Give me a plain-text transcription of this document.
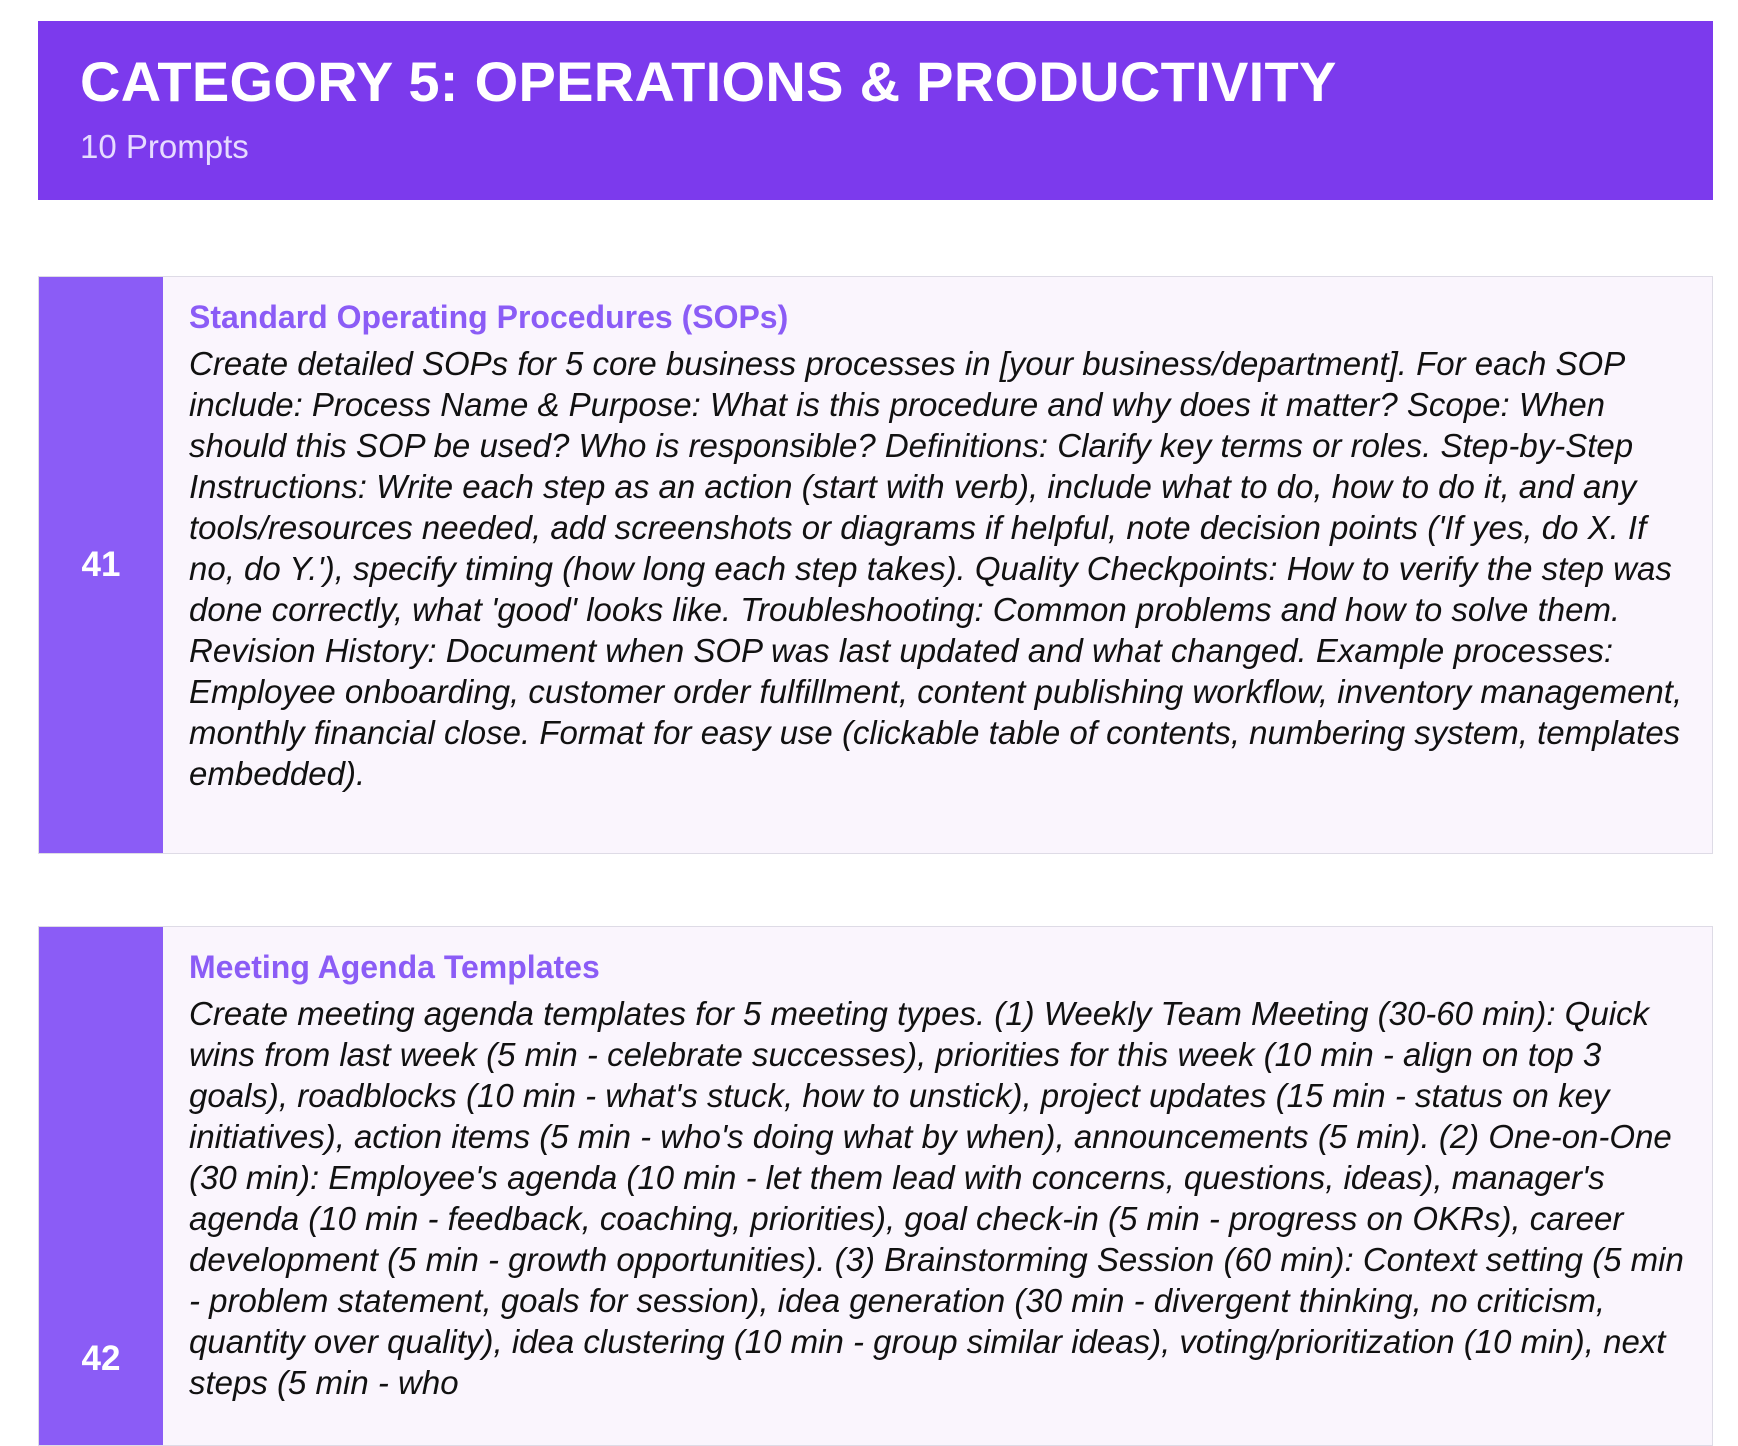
CATEGORY 5: OPERATIONS & PRODUCTIVITY
10 Prompts
41
Standard Operating Procedures (SOPs)

Create detailed SOPs for 5 core business processes in [your business/department]. For each SOP include: Process Name & Purpose: What is this procedure and why does it matter? Scope: When should this SOP be used? Who is responsible? Definitions: Clarify key terms or roles. Step-by-Step Instructions: Write each step as an action (start with verb), include what to do, how to do it, and any tools/resources needed, add screenshots or diagrams if helpful, note decision points ('If yes, do X. If no, do Y.'), specify timing (how long each step takes). Quality Checkpoints: How to verify the step was done correctly, what 'good' looks like. Troubleshooting: Common problems and how to solve them. Revision History: Document when SOP was last updated and what changed. Example processes: Employee onboarding, customer order fulfillment, content publishing workflow, inventory management, monthly financial close. Format for easy use (clickable table of contents, numbering system, templates embedded).

42
Meeting Agenda Templates

Create meeting agenda templates for 5 meeting types. (1) Weekly Team Meeting (30-60 min): Quick wins from last week (5 min - celebrate successes), priorities for this week (10 min - align on top 3 goals), roadblocks (10 min - what's stuck, how to unstick), project updates (15 min - status on key initiatives), action items (5 min - who's doing what by when), announcements (5 min). (2) One-on-One (30 min): Employee's agenda (10 min - let them lead with concerns, questions, ideas), manager's agenda (10 min - feedback, coaching, priorities), goal check-in (5 min - progress on OKRs), career development (5 min - growth opportunities). (3) Brainstorming Session (60 min): Context setting (5 min - problem statement, goals for session), idea generation (30 min - divergent thinking, no criticism, quantity over quality), idea clustering (10 min - group similar ideas), voting/prioritization (10 min), next steps (5 min - who
